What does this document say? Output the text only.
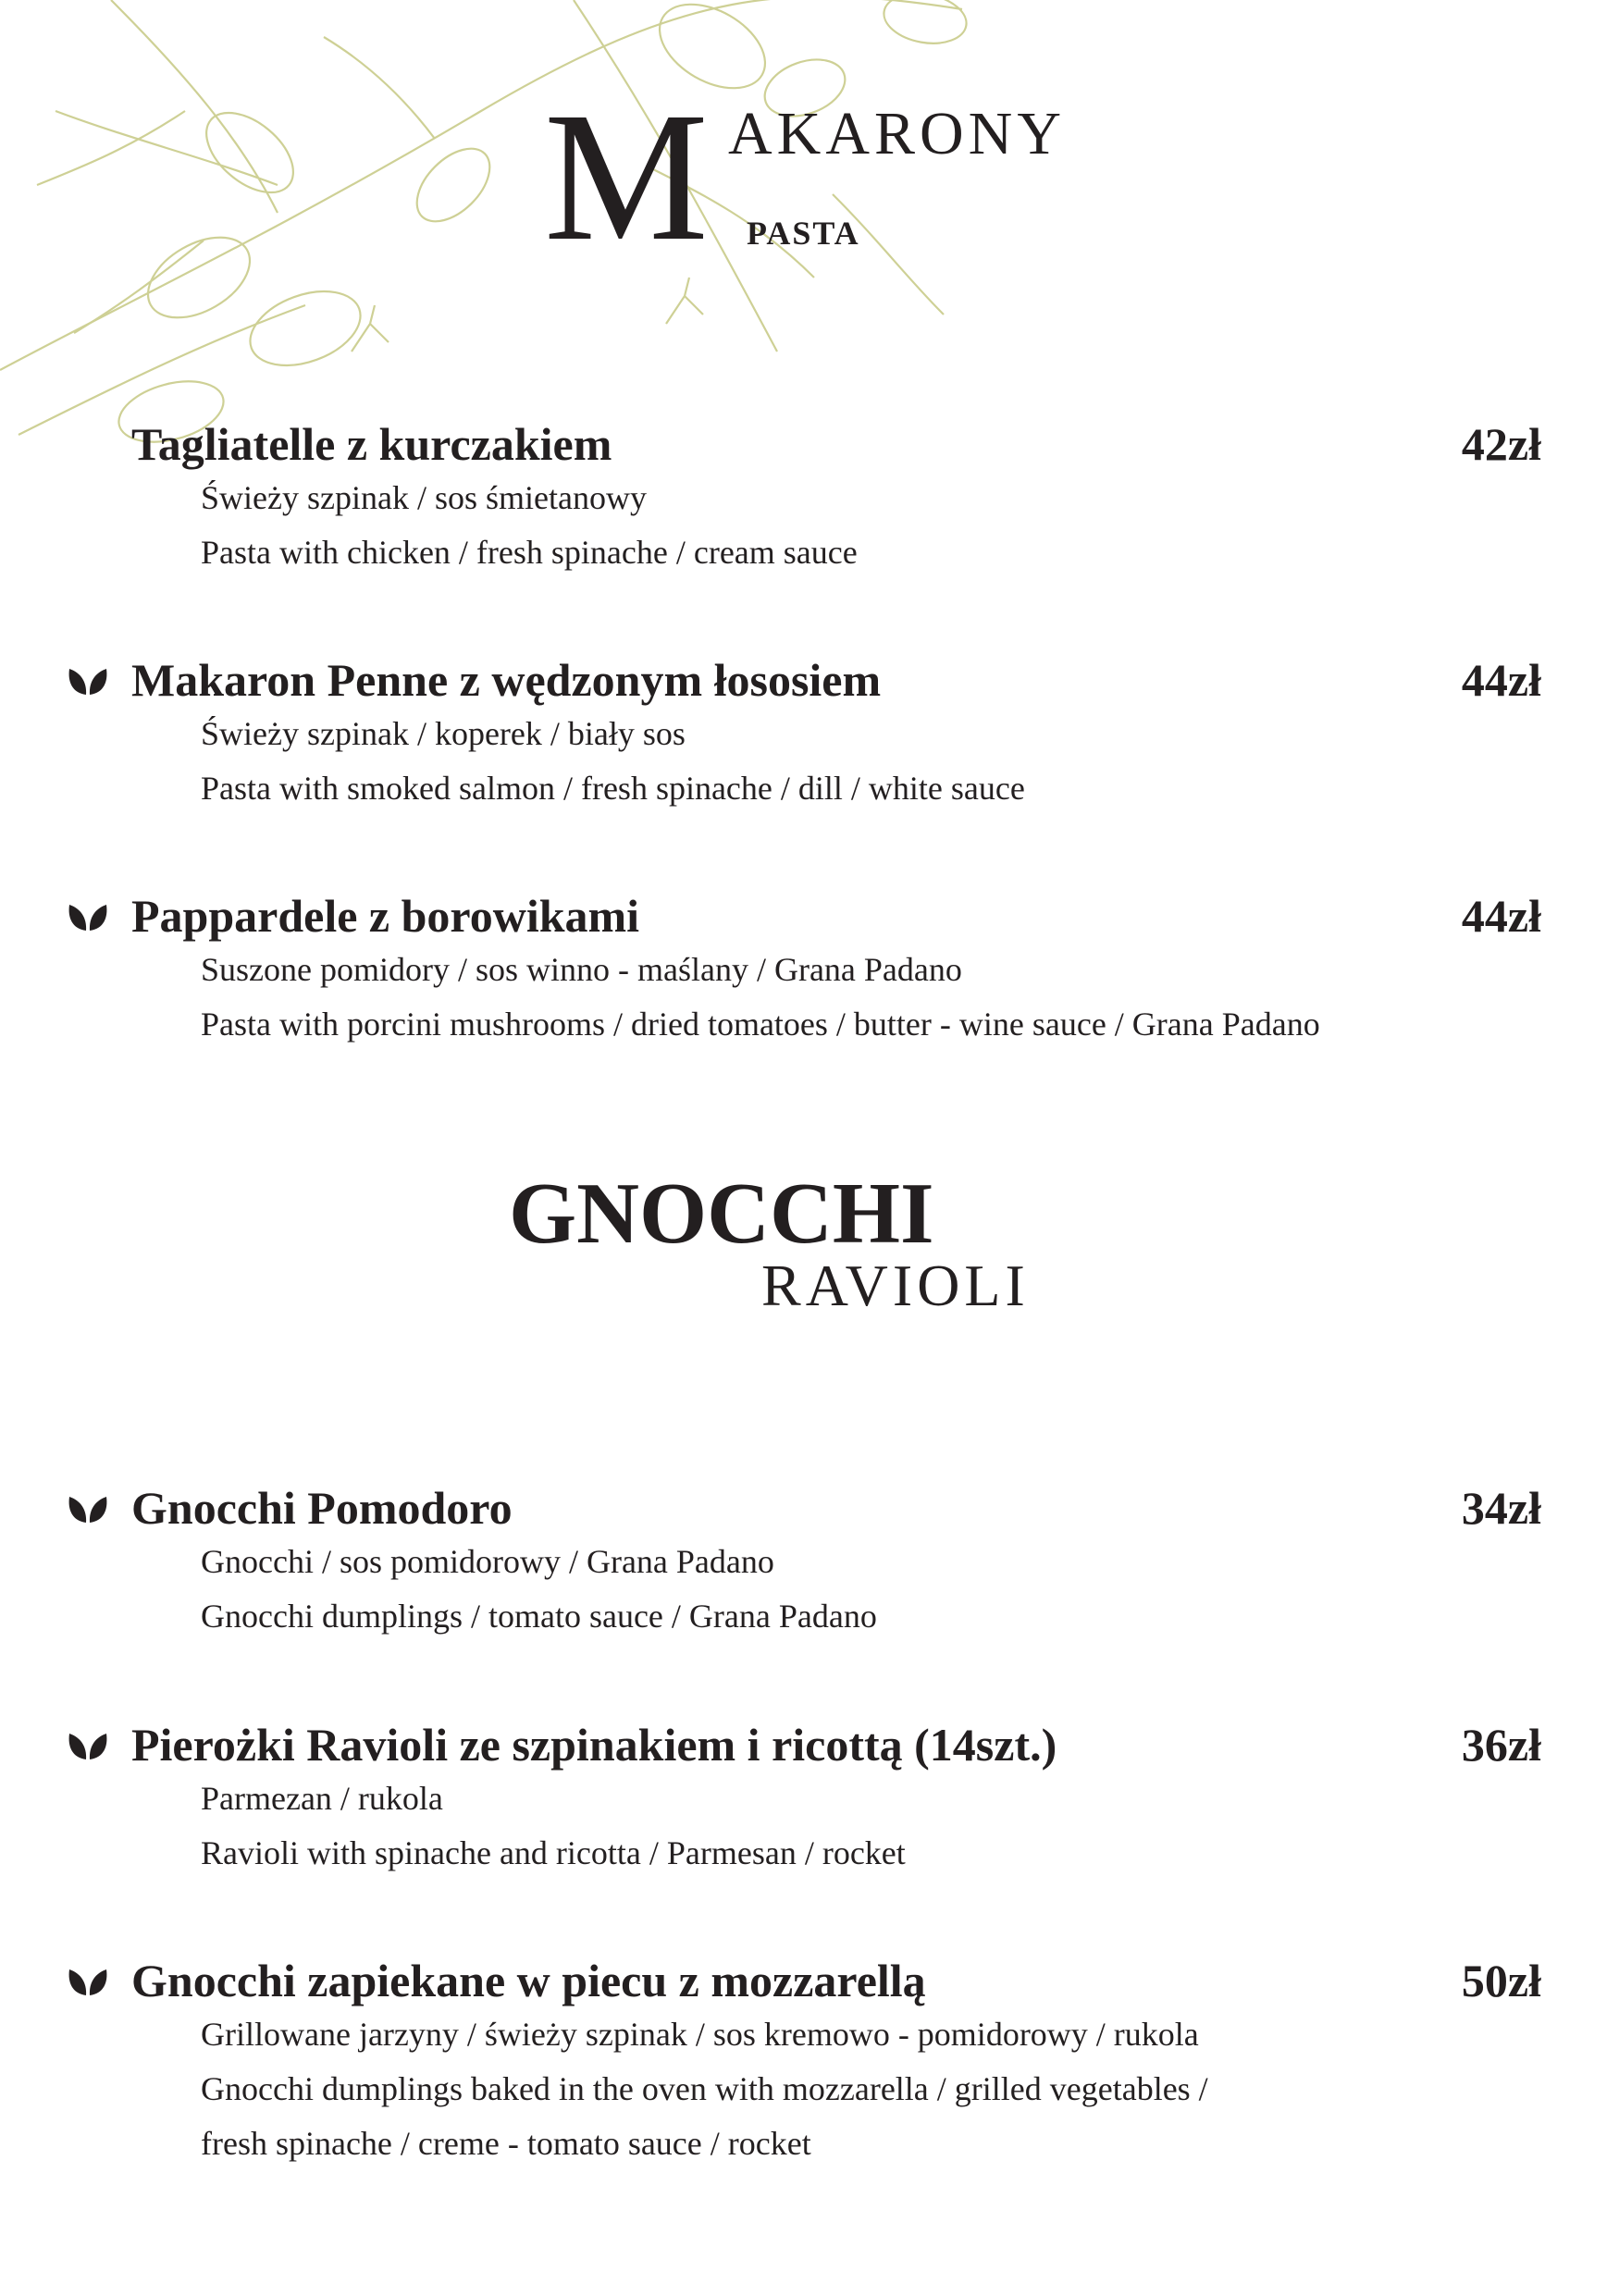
M AKARONY
PASTA
Tagliatelle z kurczakiem	42zł
Świeży szpinak / sos śmietanowy
Pasta with chicken / fresh spinache / cream sauce
Makaron Penne z wędzonym łososiem	44zł
Świeży szpinak / koperek / biały sos
Pasta with smoked salmon / fresh spinache / dill / white sauce
Pappardele z borowikami	44zł
Suszone pomidory / sos winno - maślany / Grana Padano
Pasta with porcini mushrooms / dried tomatoes / butter - wine sauce / Grana Padano
GNOCCHI
RAVIOLI
Gnocchi Pomodoro	34zł
Gnocchi / sos pomidorowy / Grana Padano
Gnocchi dumplings / tomato sauce / Grana Padano
Pierożki Ravioli ze szpinakiem i ricottą (14szt.)	36zł
Parmezan / rukola
Ravioli with spinache and ricotta / Parmesan / rocket
Gnocchi zapiekane w piecu z mozzarellą	50zł
Grillowane jarzyny / świeży szpinak / sos kremowo - pomidorowy / rukola
Gnocchi dumplings baked in the oven with mozzarella / grilled vegetables /
fresh spinache / creme - tomato sauce / rocket
